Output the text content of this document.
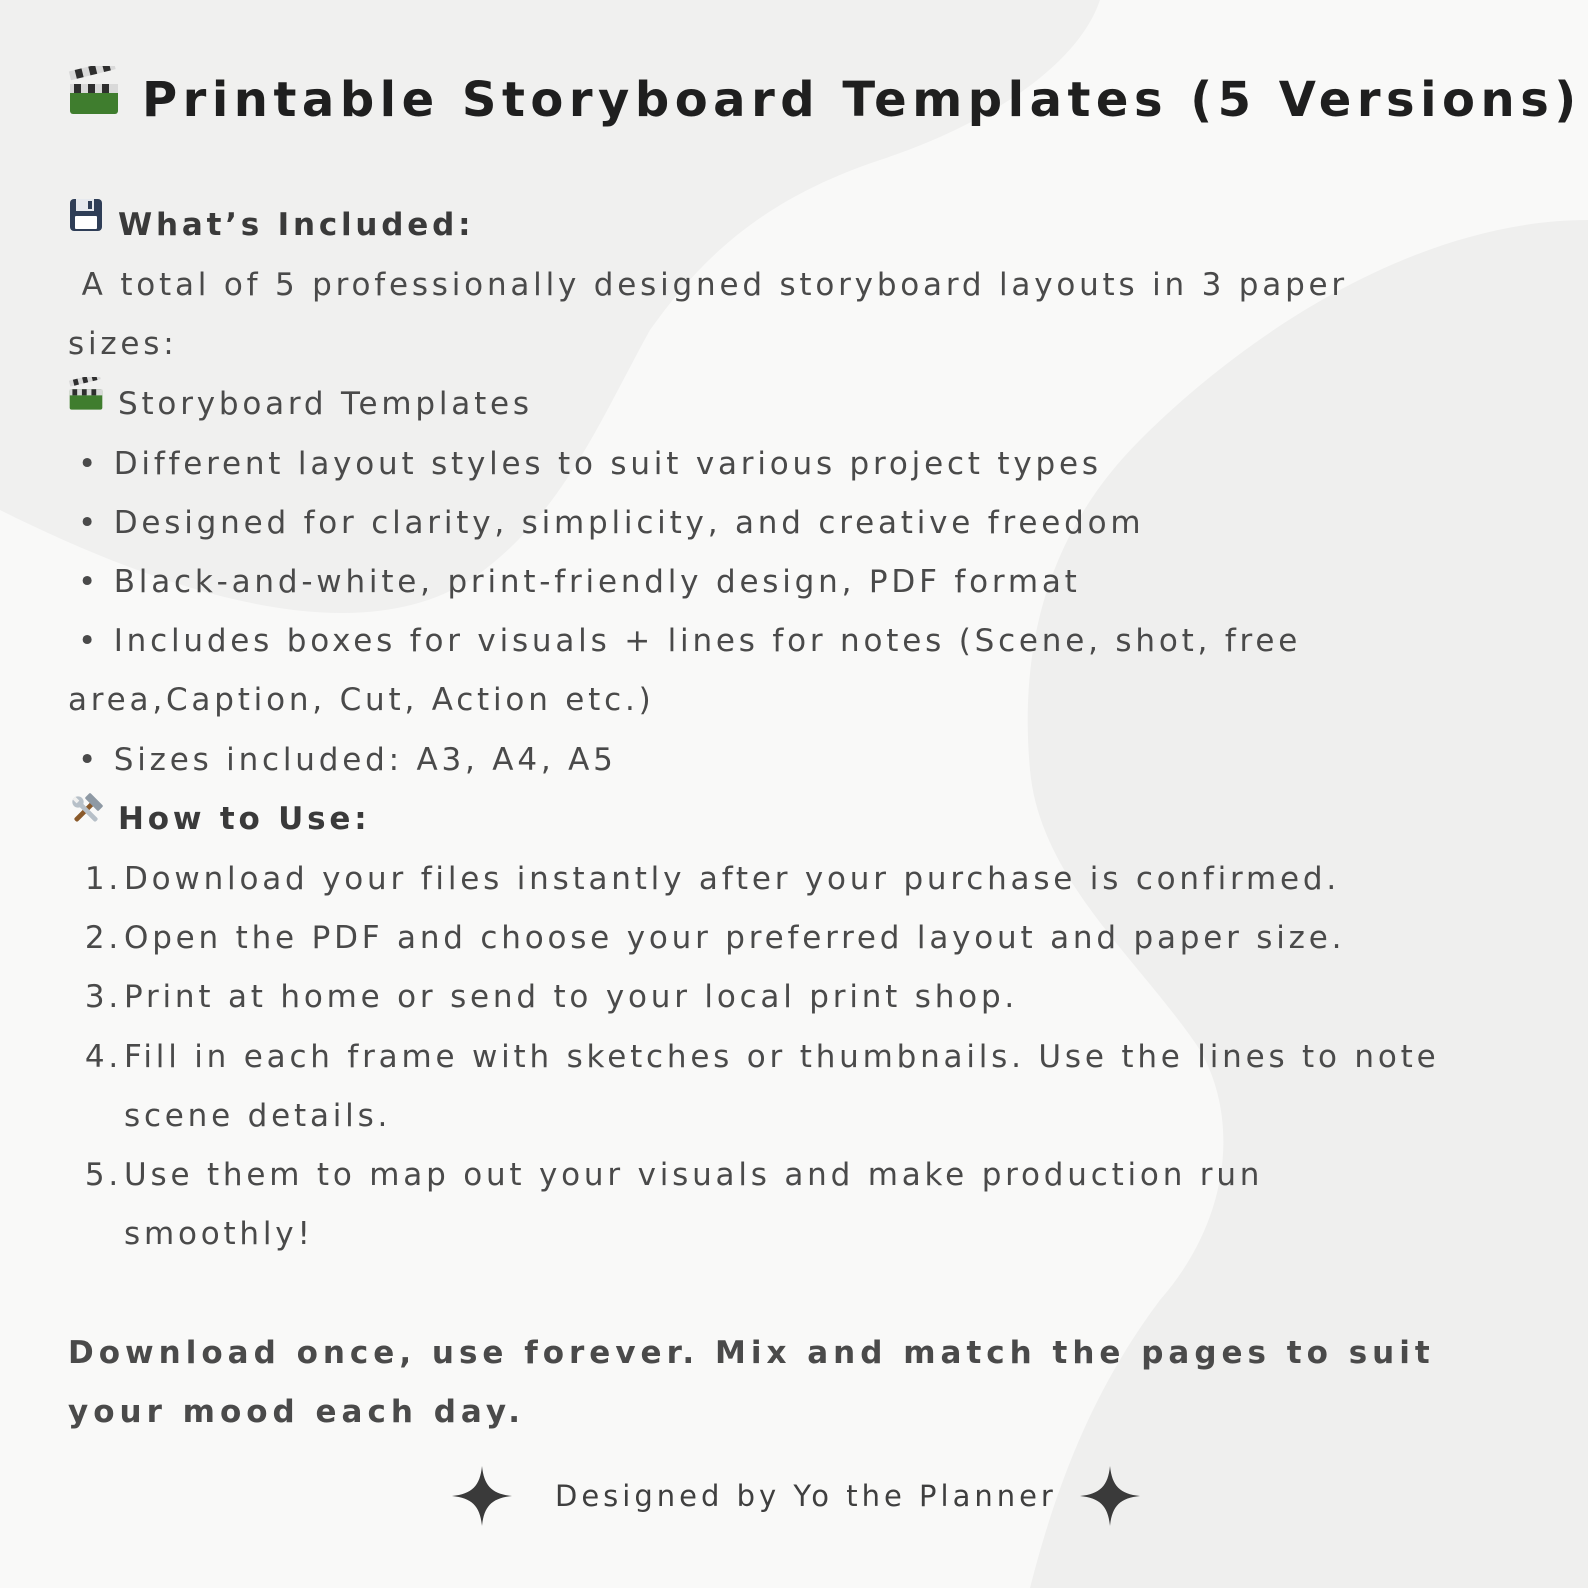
Printable Storyboard Templates (5 Versions)
What’s Included:
A total of 5 professionally designed storyboard layouts in 3 paper
sizes:
Storyboard Templates
• Different layout styles to suit various project types
• Designed for clarity, simplicity, and creative freedom
• Black-and-white, print-friendly design, PDF format
• Includes boxes for visuals + lines for notes (Scene, shot, free
area,Caption, Cut, Action etc.)
• Sizes included: A3, A4, A5
How to Use:
1. Download your files instantly after your purchase is confirmed.
2. Open the PDF and choose your preferred layout and paper size.
3. Print at home or send to your local print shop.
4. Fill in each frame with sketches or thumbnails. Use the lines to note scene details.
5. Use them to map out your visuals and make production run smoothly!
Download once, use forever. Mix and match the pages to suit your mood each day.
Designed by Yo the Planner
